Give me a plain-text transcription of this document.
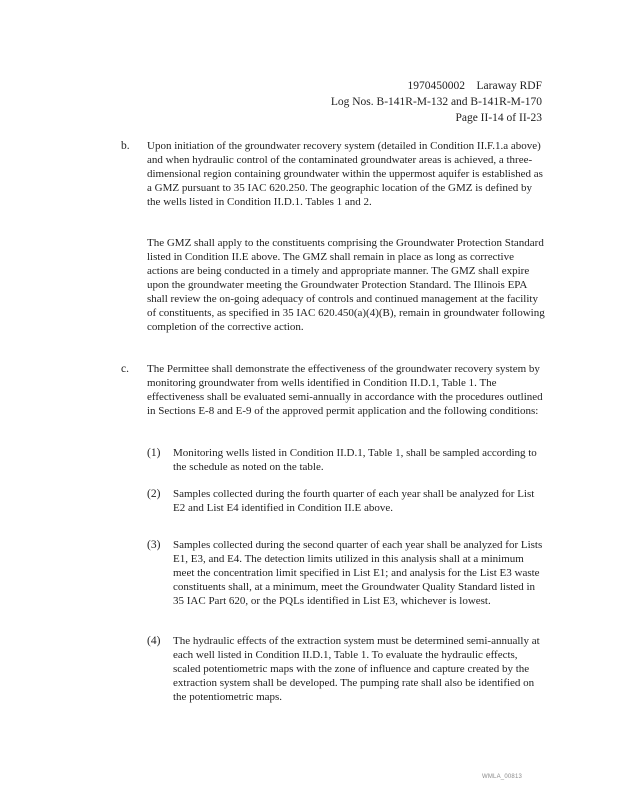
1970450002    Laraway RDF
Log Nos. B-141R-M-132 and B-141R-M-170
Page II-14 of II-23
b. Upon initiation of the groundwater recovery system (detailed in Condition II.F.1.a above) and when hydraulic control of the contaminated groundwater areas is achieved, a three-dimensional region containing groundwater within the uppermost aquifer is established as a GMZ pursuant to 35 IAC 620.250. The geographic location of the GMZ is defined by the wells listed in Condition II.D.1. Tables 1 and 2.

The GMZ shall apply to the constituents comprising the Groundwater Protection Standard listed in Condition II.E above. The GMZ shall remain in place as long as corrective actions are being conducted in a timely and appropriate manner. The GMZ shall expire upon the groundwater meeting the Groundwater Protection Standard. The Illinois EPA shall review the on-going adequacy of controls and continued management at the facility of constituents, as specified in 35 IAC 620.450(a)(4)(B), remain in groundwater following completion of the corrective action.

c. The Permittee shall demonstrate the effectiveness of the groundwater recovery system by monitoring groundwater from wells identified in Condition II.D.1, Table 1. The effectiveness shall be evaluated semi-annually in accordance with the procedures outlined in Sections E-8 and E-9 of the approved permit application and the following conditions:

(1) Monitoring wells listed in Condition II.D.1, Table 1, shall be sampled according to the schedule as noted on the table.

(2) Samples collected during the fourth quarter of each year shall be analyzed for List E2 and List E4 identified in Condition II.E above.

(3) Samples collected during the second quarter of each year shall be analyzed for Lists E1, E3, and E4. The detection limits utilized in this analysis shall at a minimum meet the concentration limit specified in List E1; and analysis for the List E3 waste constituents shall, at a minimum, meet the Groundwater Quality Standard listed in 35 IAC Part 620, or the PQLs identified in List E3, whichever is lowest.

(4) The hydraulic effects of the extraction system must be determined semi-annually at each well listed in Condition II.D.1, Table 1. To evaluate the hydraulic effects, scaled potentiometric maps with the zone of influence and capture created by the extraction system shall be developed. The pumping rate shall also be identified on the potentiometric maps.

WMLA_00813
